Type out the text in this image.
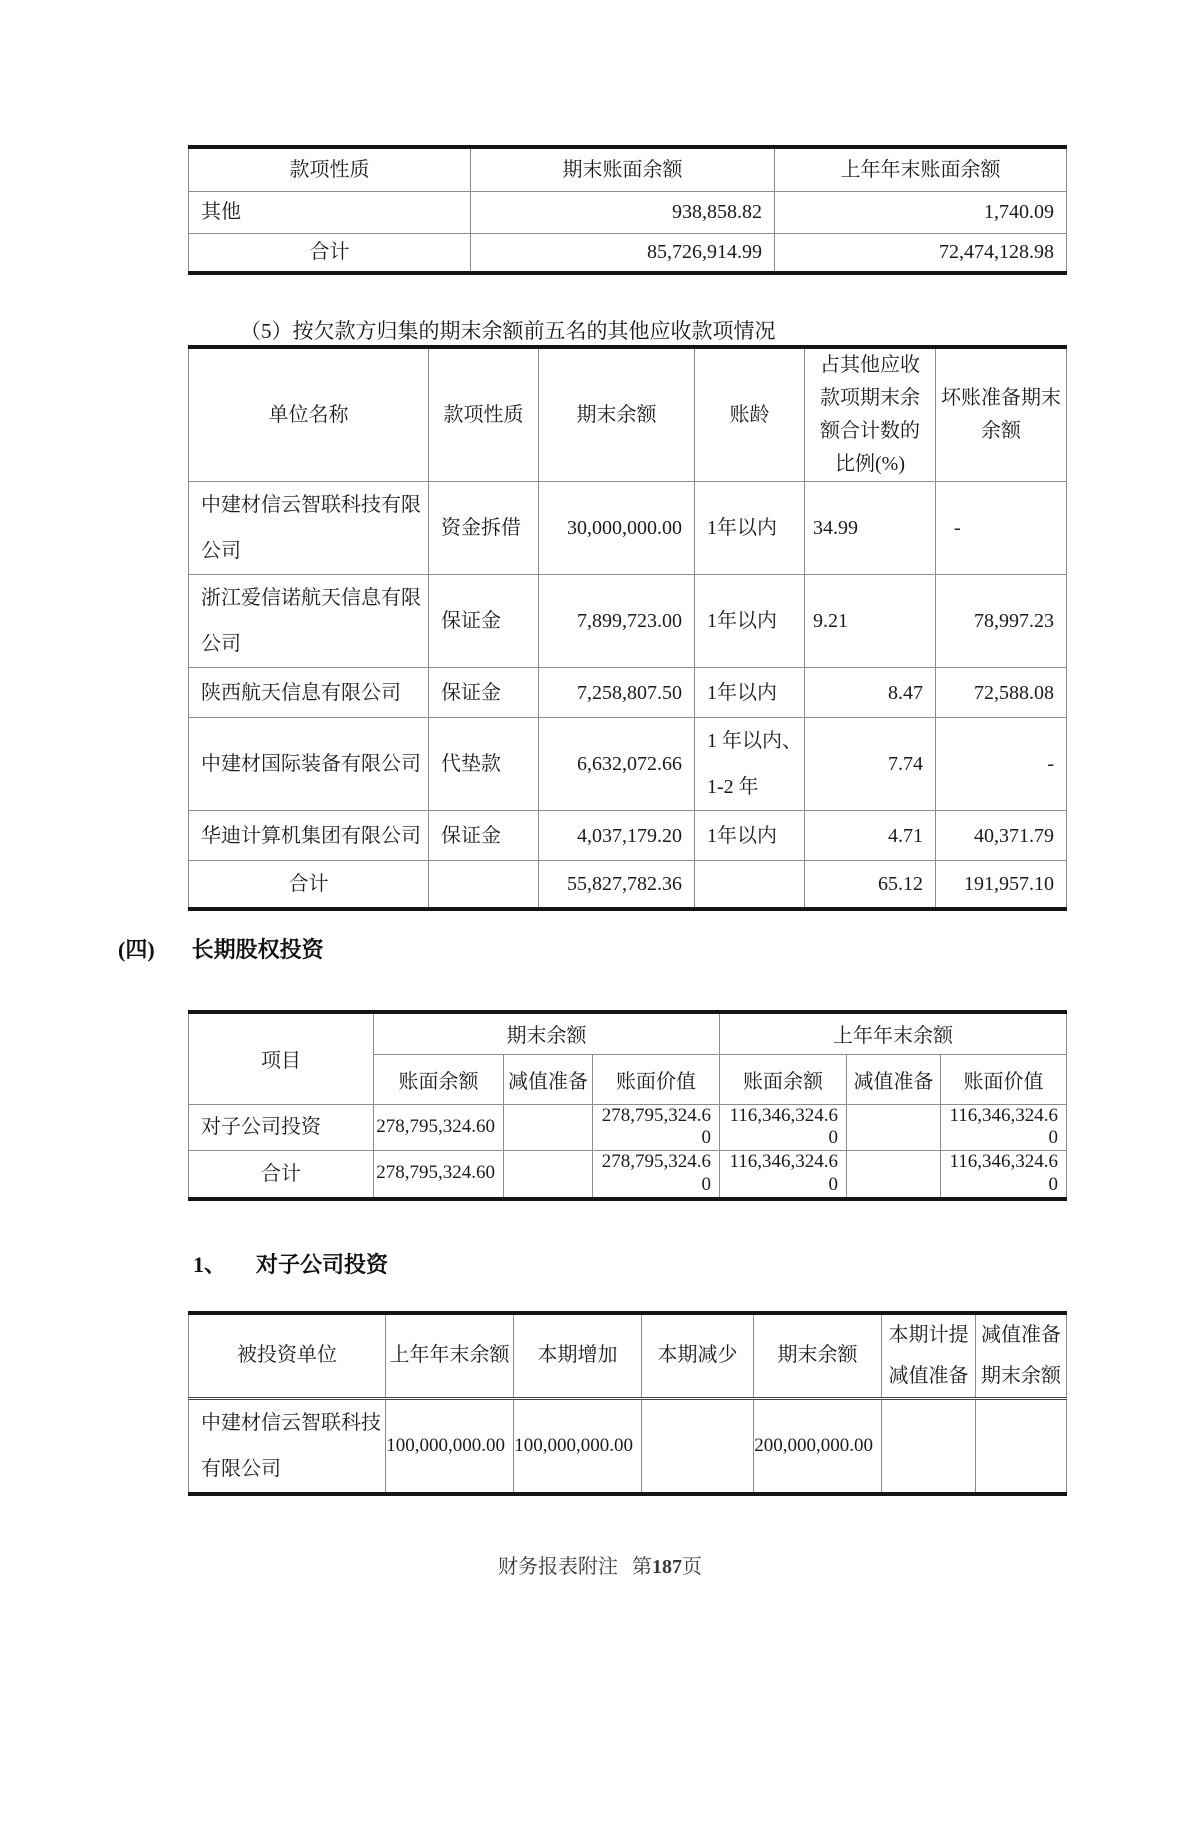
款项性质	期末账面余额	上年年末账面余额
其他	938,858.82	1,740.09
合计	85,726,914.99	72,474,128.98
（5）按欠款方归集的期末余额前五名的其他应收款项情况
单位名称	款项性质	期末余额	账龄	占其他应收款项期末余额合计数的比例(%)	坏账准备期末余额
中建材信云智联科技有限公司	资金拆借	30,000,000.00	1年以内	34.99	-
浙江爱信诺航天信息有限公司	保证金	7,899,723.00	1年以内	9.21	78,997.23
陕西航天信息有限公司	保证金	7,258,807.50	1年以内	8.47	72,588.08
中建材国际装备有限公司	代垫款	6,632,072.66	1 年以内、1-2 年	7.74	-
华迪计算机集团有限公司	保证金	4,037,179.20	1年以内	4.71	40,371.79
合计		55,827,782.36		65.12	191,957.10
(四) 长期股权投资
项目	期末余额			上年年末余额		
	账面余额	减值准备	账面价值	账面余额	减值准备	账面价值
对子公司投资	278,795,324.60		278,795,324.60	116,346,324.60		116,346,324.60
合计	278,795,324.60		278,795,324.60	116,346,324.60		116,346,324.60
1、 对子公司投资
被投资单位	上年年末余额	本期增加	本期减少	期末余额	本期计提减值准备	减值准备期末余额
中建材信云智联科技有限公司	100,000,000.00	100,000,000.00		200,000,000.00		
财务报表附注 第187页
